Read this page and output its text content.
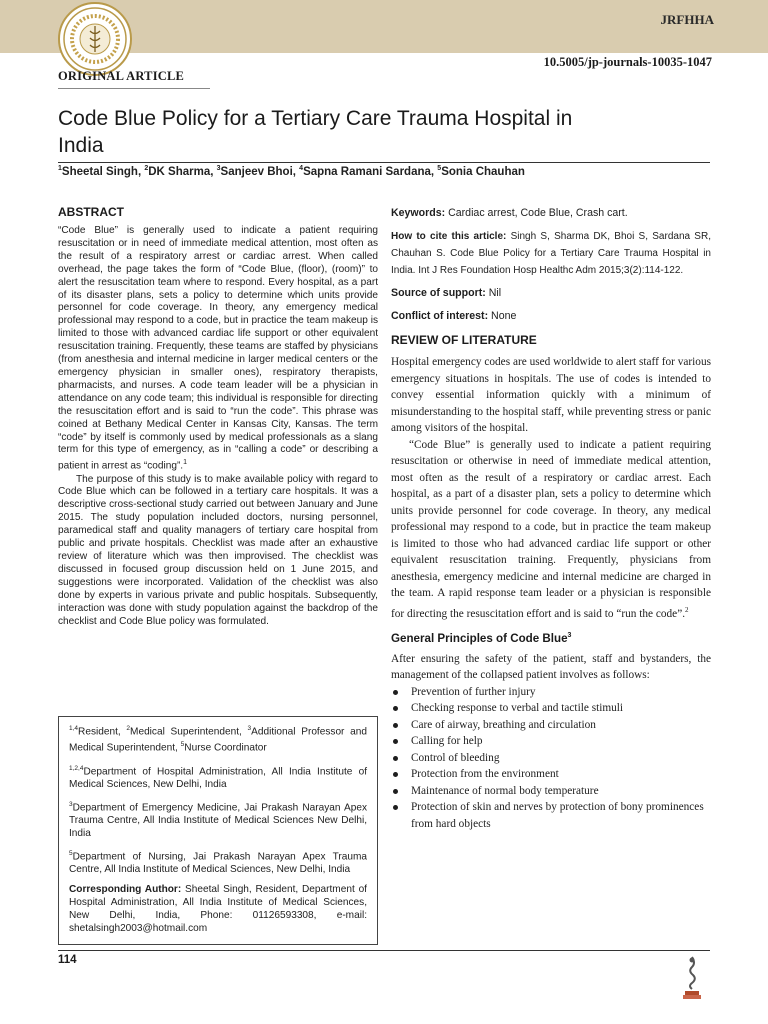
JRFHHA
10.5005/jp-journals-10035-1047
ORIGINAL ARTICLE
Code Blue Policy for a Tertiary Care Trauma Hospital in India
$^1$Sheetal Singh, $^2$DK Sharma, $^3$Sanjeev Bhoi, $^4$Sapna Ramani Sardana, $^5$Sonia Chauhan
ABSTRACT

“Code Blue” is generally used to indicate a patient requiring resuscitation or in need of immediate medical attention, most often as the result of a respiratory arrest or cardiac arrest. When called overhead, the page takes the form of “Code Blue, (floor), (room)” to alert the resuscitation team where to respond. Every hospital, as a part of its disaster plans, sets a policy to determine which units provide personnel for code coverage. In theory, any emergency medical professional may respond to a code, but in practice the team makeup is limited to those with advanced cardiac life support or other equivalent resuscitation training. Frequently, these teams are staffed by physicians (from anesthesia and internal medicine in larger medical centers or the emergency physician in smaller ones), respiratory therapists, pharmacists, and nurses. A code team leader will be a physician in attendance on any code team; this individual is responsible for directing the resuscitation effort and is said to “run the code”. This phrase was coined at Bethany Medical Center in Kansas City, Kansas. The term “code” by itself is commonly used by medical professionals as a slang term for this type of emergency, as in “calling a code” or describing a patient in arrest as “coding”.$^1$

The purpose of this study is to make available policy with regard to Code Blue which can be followed in a tertiary care hospitals. It was a descriptive cross-sectional study carried out between January and June 2015. The study population included doctors, nursing personnel, paramedical staff and quality managers of tertiary care hospital from public and private hospitals. Checklist was made after an exhaustive review of literature which was then improvised. The checklist was discussed in focused group discussion held on 1 June 2015, and suggestions were incorporated. Validation of the checklist was also done by experts in various private and public hospitals. Subsequently, interaction was done with study population against the backdrop of the checklist and Code Blue policy was formulated.

$^{1,4}$Resident, $^2$Medical Superintendent, $^3$Additional Professor and Medical Superintendent, $^5$Nurse Coordinator

$^{1,2,4}$Department of Hospital Administration, All India Institute of Medical Sciences, New Delhi, India

$^3$Department of Emergency Medicine, Jai Prakash Narayan Apex Trauma Centre, All India Institute of Medical Sciences New Delhi, India

$^5$Department of Nursing, Jai Prakash Narayan Apex Trauma Centre, All India Institute of Medical Sciences, New Delhi, India

Corresponding Author: Sheetal Singh, Resident, Department of Hospital Administration, All India Institute of Medical Sciences, New Delhi, India, Phone: 01126593308, e-mail: shetalsingh2003@hotmail.com

Keywords: Cardiac arrest, Code Blue, Crash cart.

How to cite this article: Singh S, Sharma DK, Bhoi S, Sardana SR, Chauhan S. Code Blue Policy for a Tertiary Care Trauma Hospital in India. Int J Res Foundation Hosp Healthc Adm 2015;3(2):114-122.

Source of support: Nil

Conflict of interest: None

REVIEW OF LITERATURE

Hospital emergency codes are used worldwide to alert staff for various emergency situations in hospitals. The use of codes is intended to convey essential information quickly with a minimum of misunderstanding to the hospital staff, while preventing stress or panic among visitors of the hospital.

“Code Blue” is generally used to indicate a patient requiring resuscitation or otherwise in need of immediate medical attention, most often as the result of a respiratory or cardiac arrest. Each hospital, as a part of a disaster plan, sets a policy to determine which units provide personnel for code coverage. In theory, any medical professional may respond to a code, but in practice the team makeup is limited to those who had advanced cardiac life support or other equivalent resuscitation training. Frequently, physicians from anesthesia, emergency medicine and internal medicine are charged in the team. A rapid response team leader or a physician is responsible for directing the resuscitation effort and is said to “run the code”.$^2$

General Principles of Code Blue$^3$

After ensuring the safety of the patient, staff and bystanders, the management of the collapsed patient involves as follows:

Prevention of further injury
Checking response to verbal and tactile stimuli
Care of airway, breathing and circulation
Calling for help
Control of bleeding
Protection from the environment
Maintenance of normal body temperature
Protection of skin and nerves by protection of bony prominences from hard objects
114
